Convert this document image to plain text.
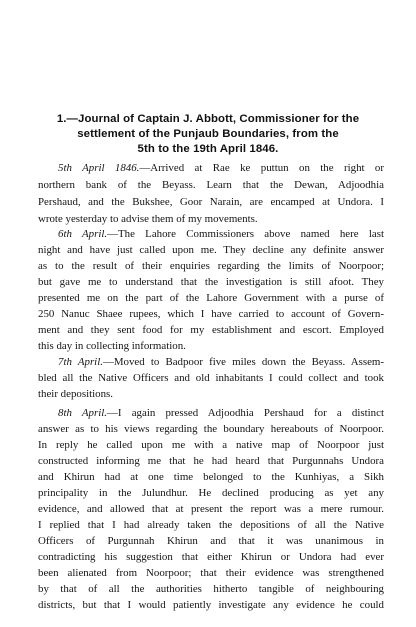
1.—Journal of Captain J. Abbott, Commissioner for the
settlement of the Punjaub Boundaries, from the
5th to the 19th April 1846.
5th April 1846.—Arrived at Rae ke puttun on the right or
northern bank of the Beyass. Learn that the Dewan, Adjoodhia
Pershaud, and the Bukshee, Goor Narain, are encamped at Undora. I
wrote yesterday to advise them of my movements.
6th April.—The Lahore Commissioners above named here last
night and have just called upon me. They decline any definite answer
as to the result of their enquiries regarding the limits of Noorpoor;
but gave me to understand that the investigation is still afoot. They
presented me on the part of the Lahore Government with a purse of
250 Nanuc Shaee rupees, which I have carried to account of Govern-
ment and they sent food for my establishment and escort. Employed
this day in collecting information.
7th April.—Moved to Badpoor five miles down the Beyass. Assem-
bled all the Native Officers and old inhabitants I could collect and took
their depositions.
8th April.—I again pressed Adjoodhia Pershaud for a distinct
answer as to his views regarding the boundary hereabouts of Noorpoor.
In reply he called upon me with a native map of Noorpoor just
constructed informing me that he had heard that Purgunnahs Undora
and Khirun had at one time belonged to the Kunhiyas, a Sikh
principality in the Julundhur. He declined producing as yet any
evidence, and allowed that at present the report was a mere rumour.
I replied that I had already taken the depositions of all the Native
Officers of Purgunnah Khirun and that it was unanimous in
contradicting his suggestion that either Khirun or Undora had ever
been alienated from Noorpoor; that their evidence was strengthened
by that of all the authorities hitherto tangible of neighbouring
districts, but that I would patiently investigate any evidence he could
